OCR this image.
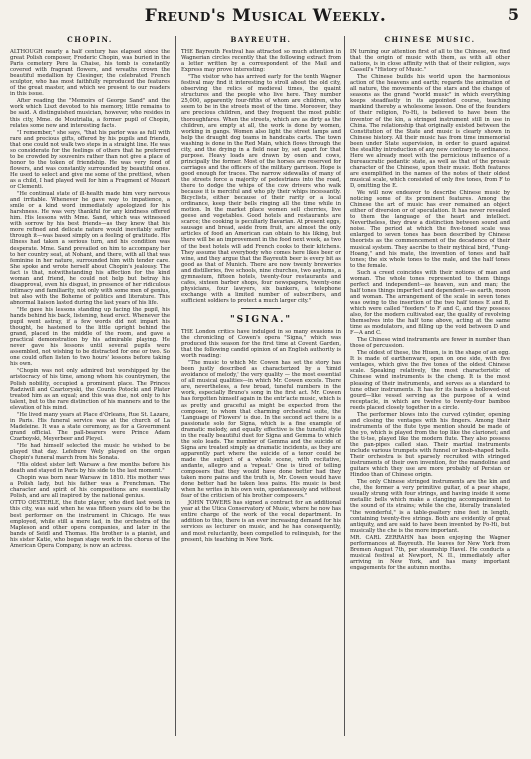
Freund's Musical Weekly.	5
CHOPIN.

ALTHOUGH nearly a half century has elapsed since the great Polish composer, Frederic Chopin, was buried in the Paris cemetery Pere la Chaise, his tomb is constantly covered with fragrant flowers, and wreaths crown the beautiful medallion by Clesinger, the celebrated French sculptor, who has most faithfully reproduced the features of the great master, and which we present to our readers in this issue.

After reading the "Memoirs of George Sand" and the work which Liszt devoted to his memory, little remains to be said. A distinguished musician, however, who resides in this city, Mme. de Moutrialia, a former pupil of Chopin, relates some new and interesting facts.

"I remember," she says, "that his parlor was as full with rare and precious gifts, offered by his pupils and friends, that one could not walk two steps in a straight line. He was so considerate for the feelings of others that he preferred to be crowded by souvenirs rather than not give a place of honor to the token of friendship. He was very fond of flowers, and was constantly surrounded by beautiful ones. He used to select and give me some of the prettiest, when as a child, I had played well for him a Fragment of Mozart or Clementi.

"He continual state of ill-health made him very nervous and irritable. Whenever he gave way to impatience, a smile or a kind word immediately apologized for his harshness. He was very thankful for any kindness offered him. His lessons with Mme. Sand, which was witnessed with sorrow by his best friends—as they knew that his more refined and delicate nature would inevitably suffer through it—was based simply on a feeling of gratitude. His illness had taken a serious turn, and his condition was desperate. Mme. Sand prevailed on him to accompany her to her country seat, at Nohant, and there, with all that was feminine in her nature, surrounded him with tender care. She spoke and wrote herself about Chopin's jealousy. The fact is that, notwithstanding his affection for the kind woman and friend, he could not help but betray his disapproval, even his disgust, in presence of her ridiculous intimacy and familiarity, not only with some men of genius, but also with the Boheme of politics and literature. This abnormal liaison lasted during the last years of his life.

"He gave his lessons standing up facing the pupil, his hands behind his back, listening, head erect. Whenever the pupil went astray, if a few words did not impart his thought, he hastened to the little upright behind the grand, placed in the middle of the room, and gave a practical demonstration by his admirable playing. He never gave his lessons until several pupils were assembled, not wishing to be distracted for one or two. So one could often listen to two hours' lessons before taking his own.

"Chopin was not only admired but worshipped by the aristocracy of his time, among whom his countrymen, the Polish nobility, occupied a prominent place. The Princes Radziwill and Czartoryski, the Counts Potocki and Plater treated him as an equal; and this was due, not only to his talent, but to the rare distinction of his manners and to the elevation of his mind.

"He lived many years at Place d'Orleans, Rue St. Lazare, in Paris. His funeral service was at the church of La Madeleine. It was a state ceremony, as for a Government grand official. The pall-bearers were Prince Adam Czarboyski, Meyerbeer and Pleyel.

"He had himself selected the music he wished to be played that day. Lefebure Wely played on the organ Chopin's funeral march from his Sonata.

"His oldest sister left Warsaw a few months before his death and stayed in Paris by his side to the last moment."

Chopin was born near Warsaw in 1810. His mother was a Polish lady, but his father was a Frenchman. The character and spirit of his compositions are essentially Polish, and are all inspired by the national genius.

OTTO OESTERLE, the flute player, who died last week in this city, was said when he was fifteen years old to be the best performer on the instrument in Chicago. He was employed, while still a mere lad, in the orchestra of the Mapleson and other opera companies, and later in the bands of Seidl and Thomas. His brother is a pianist, and his sister Katie, who began stage work in the chorus of the American Opera Company, is now an actress.

BAYREUTH.

THE Bayreuth Festival has attracted so much attention in Wagnerian circles recently that the following extract from a letter written by a correspondent of the Mail and Express may prove interesting:

"The visitor who has arrived early for the tenth Wagner festival may find it interesting to stroll about the old city, observing the relics of medieval times, the quaint structures and the people who live here. They number 25,000, apparently four-fifths of whom are children, who seem to be in the streets most of the time. Moreover, they are precious children, and they frequent the most public thoroughfares. When the streets, which are as dirty as the children, are empty at all, the work is done by women, working in gangs. Women also light the street lamps and help the draught dog teams in handcabs carts. The town washing is done in the Red Main, which flows through the city, and the drying in a field near by, set apart for that purpose. Heavy loads are drawn by oxen and cows, principally the former. Most of the horses are reserved for carriages and the officers of the military garrison. Hope is good enough for traces. The narrow sidewalks of many of the streets force a majority of pedestrians into the road, there to dodge the whips of the cow drivers who walk because it is merciful and who ply their whips incessantly. Bicyclists, either because of their rarity or a local ordinance, keep their bells ringing all the time while in motion. In the market place women sell cherries, live geese and vegetables. Good hotels and restaurants are scarce; the cooking is peculiarly Bavarian. At present eggs, sausage and bread, aside from fruit, are almost the only articles of food an American can obtain to his liking, but there will be an improvement in the food next week, as two of the best hotels will add French cooks to their kitchens. They assume that everybody who comes here likes beer or wine, and they argue that the Bayreuth beer is every bit as good as that of Munich. There are now twenty breweries and distilleries, five schools, nine churches, two asylums, a gymnasium, fifteen hotels, twenty-four restaurants and cafes, sixteen barber shops, four newspapers, twenty-one physicians, four lawyers, six bankers, a telephone exchange with a limited number of subscribers, and sufficient soldiers to protect a much larger city."

"SIGNA."

THE London critics have indulged in so many evasions in the chronicling of Cowen's opera "Signa," which was produced this season for the first time at Covent Garden, that the following candid opinion of an English authority is worth reading:

"The music to which Mr. Cowen has set the story has been justly described as characterized by a 'timid avoidance of melody,' the very quality — the most essential of all musical qualities—in which Mr. Cowen excels. There are, nevertheless, a few broad, tuneful numbers in the work, especially Bruno's song in the first act. Mr. Cowen has forgotten himself again in the entr'acte music, which is as pretty and graceful as might be expected from the composer, to whom that charming orchestral suite, the 'Language of Flowers' is due. In the second act there is a passionate solo for Signa, which is a fine example of dramatic melody, and equally effective is the tuneful style in the really beautiful duet for Signa and Gemma to which the solo leads. The number of Gemma and the suicide of Signa are treated simply as dramatic incidents, as they are apparently part where the suicide of a tenor could be made the subject of a whole scene, with recitative, andante, allegro and a 'repeat.' One is tired of telling composers that they would have done better had they taken more pains and the truth is, Mr. Cowen would have done better had he taken less pains. His music is best when he writes in his own vein, spontaneously and without fear of the criticism of his brother composers."

JOHN TOWERS has signed a contract for an additional year at the Utica Conservatory of Music, where he now has entire charge of the work of the vocal department. In addition to this, there is an ever increasing demand for his services as lecturer on music, and he has consequently, and most reluctantly, been compelled to relinquish, for the present, his teaching in New York.

CHINESE MUSIC.

IN turning our attention first of all to the Chinese, we find that the origin of music with them, as with all other nations, is in close affinity with that of their religion, says Cassell's "History of Music."

The Chinese builds his world upon the harmonious action of the heavens and earth; regards the animation of all nature, the movements of the stars and the change of seasons as the grand "world music" in which everything keeps steadfastly in its appointed course, teaching mankind thereby a wholesome lesson. One of the founders of their religion, Fo-Hi, is believed to have been the inventor of the kin, a stringed instrument still in use in China. The relationship that originally existed between the Constitution of the State and music is clearly shown in Chinese history. All their music has from time immemorial been under State supervision, in order to guard against the stealthy introduction of any new contrary to ordinance. Here we already meet with the pernicious influence of a bureaucratic pedantic state, as well as that of the prosaic character of the Chinese, upon their music. Both features are exemplified in the names of the notes of their oldest musical scale, which consisted of only five tones, from F to D, omitting the E.

We will now endeavor to describe Chinese music by noticing some of its prominent features. Among the Chinese the art of music has ever remained an object either of diversion or of speculation. It has never revealed to them the language of the heart and intellect. Nevertheless, they draw a distinction between sound and noise. The period at which the five-toned scale was enlarged to seven tones has been described by Chinese theorists as the commencement of the decadence of their musical system. They ascribe to their mythical bird, "Fung-Hoang," and his mate, the invention of tones and half tones; the six whole tones to the male, and the half tones to the female.

Such a creed coincides with their notions of man and woman. The whole tones represented to them things perfect and independent—as heaven, sun and man; the half tones things imperfect and dependent—as earth, moon and woman. The arrangement of the scale in seven tones was owing to the insertion of the two half tones E and B, which were called "feeders" to F and C, and they possess also, for the modern cultivated ear, the quality of revolving themselves into the half tone above, acting at the same time as modulators, and filling up the void between D and F—A and C.

The Chinese wind instruments are fewer in number than those of percussion.

The oldest of these, the Hiuen, is in the shape of an egg. It is made of earthenware, open on one side, with five ventages, which give the five tones of the oldest Chinese scale. Speaking relatively, the most characteristic of Chinese wind instruments is the cheng. It is the most pleasing of their instruments, and serves as a standard to tune other instruments. It has for its basis a hollowed-out gourd—like vessel serving as the purpose of a wind receptacle, in which are twelve to twenty-four bamboo reeds placed closely together in a circle.

The performer blows into the curved cylinder, opening and closing the ventages with his fingers. Among their instruments of the flute type mention should be made of the yo, which is played from the top like the clarionet; and the ti-tse, played like the modern flute. They also possess the pan-pipes called siao. Their martial instruments include various trumpets with funnel or knob-shaped bells. Their orchestra is but sparsely recruited with stringed instruments of their own invention, for the mandoline and guitars which they use are more probably of Persian or Hindoo than of Chinese origin.

The only Chinese stringed instruments are the kin and che, the former a very primitive guitar, of a pear shape, usually strung with four strings, and having inside it some metallic bells which make a clanging accompaniment to the sound of its strains; while the che, literally translated "the wonderful," is a table-psaltery nine feet in length, containing twenty-five strings. Both are evidently of great antiquity, and are said to have been invented by Fo-Hi, but musically the che is the more important.

MR. CARL ZERRAHN has been enjoying the Wagner performances at Bayreuth. He leaves for New York from Bremen August 7th, per steamship Havel. He conducts a musical festival at Newport, N. II., immediately after arriving in New York, and has many important engagements for the autumn months.
